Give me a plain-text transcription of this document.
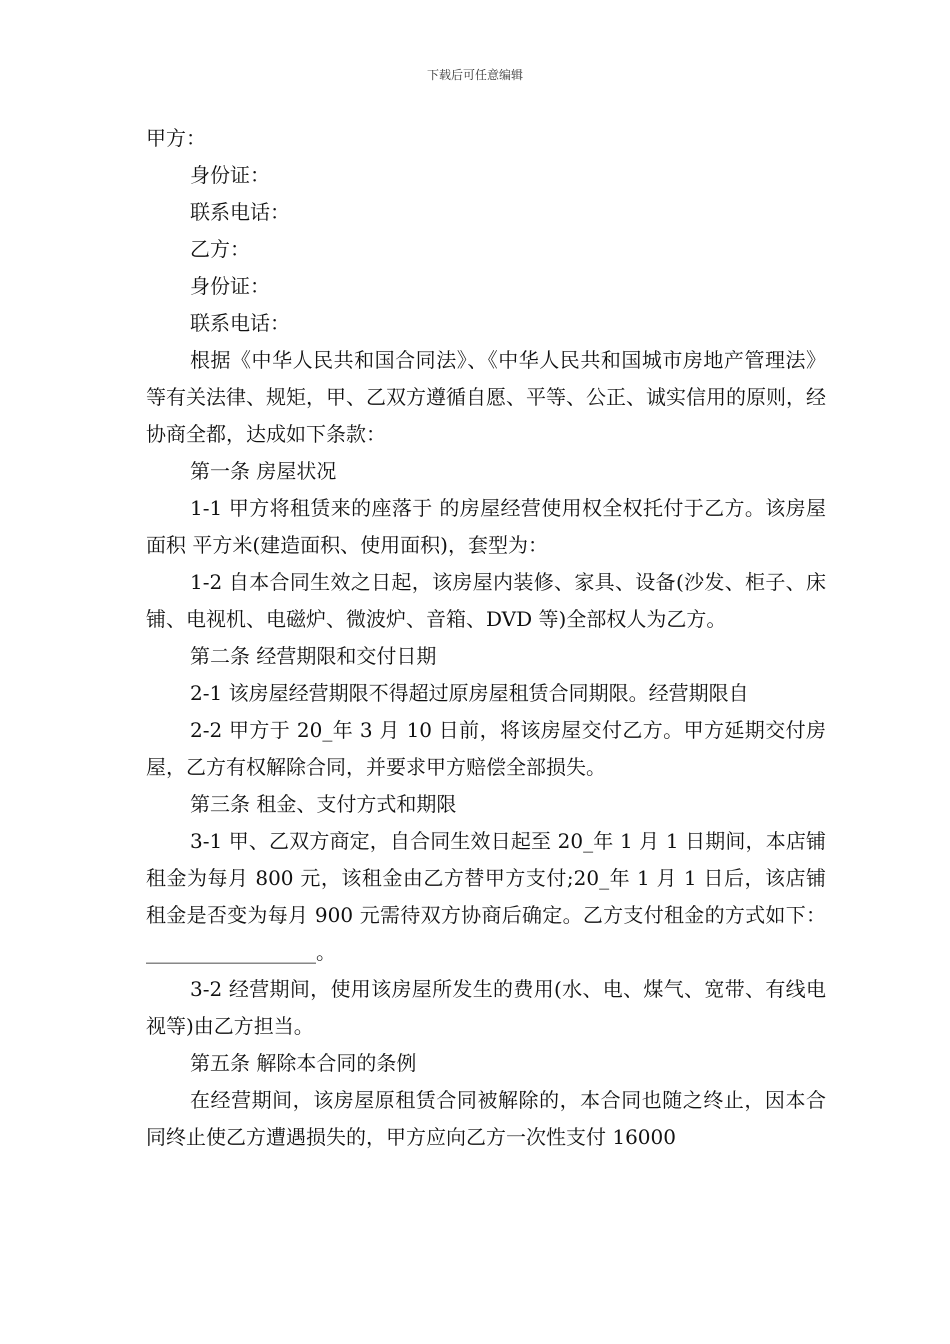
下载后可任意编辑

甲方：

身份证：

联系电话：

乙方：

身份证：

联系电话：

根据《中华人民共和国合同法》、《中华人民共和国城市房地产管理法》等有关法律、规矩，甲、乙双方遵循自愿、平等、公正、诚实信用的原则，经协商全都，达成如下条款：

第一条 房屋状况

1-1 甲方将租赁来的座落于 的房屋经营使用权全权托付于乙方。该房屋面积 平方米(建造面积、使用面积)，套型为：

1-2 自本合同生效之日起，该房屋内装修、家具、设备(沙发、柜子、床铺、电视机、电磁炉、微波炉、音箱、DVD 等)全部权人为乙方。

第二条 经营期限和交付日期

2-1 该房屋经营期限不得超过原房屋租赁合同期限。经营期限自

2-2 甲方于 20_年 3 月 10 日前，将该房屋交付乙方。甲方延期交付房屋，乙方有权解除合同，并要求甲方赔偿全部损失。

第三条 租金、支付方式和期限

3-1 甲、乙双方商定，自合同生效日起至 20_年 1 月 1 日期间，本店铺租金为每月 800 元，该租金由乙方替甲方支付;20_年 1 月 1 日后，该店铺租金是否变为每月 900 元需待双方协商后确定。乙方支付租金的方式如下：_________________。

3-2 经营期间，使用该房屋所发生的费用(水、电、煤气、宽带、有线电视等)由乙方担当。

第五条 解除本合同的条例

在经营期间，该房屋原租赁合同被解除的，本合同也随之终止，因本合同终止使乙方遭遇损失的，甲方应向乙方一次性支付 16000
